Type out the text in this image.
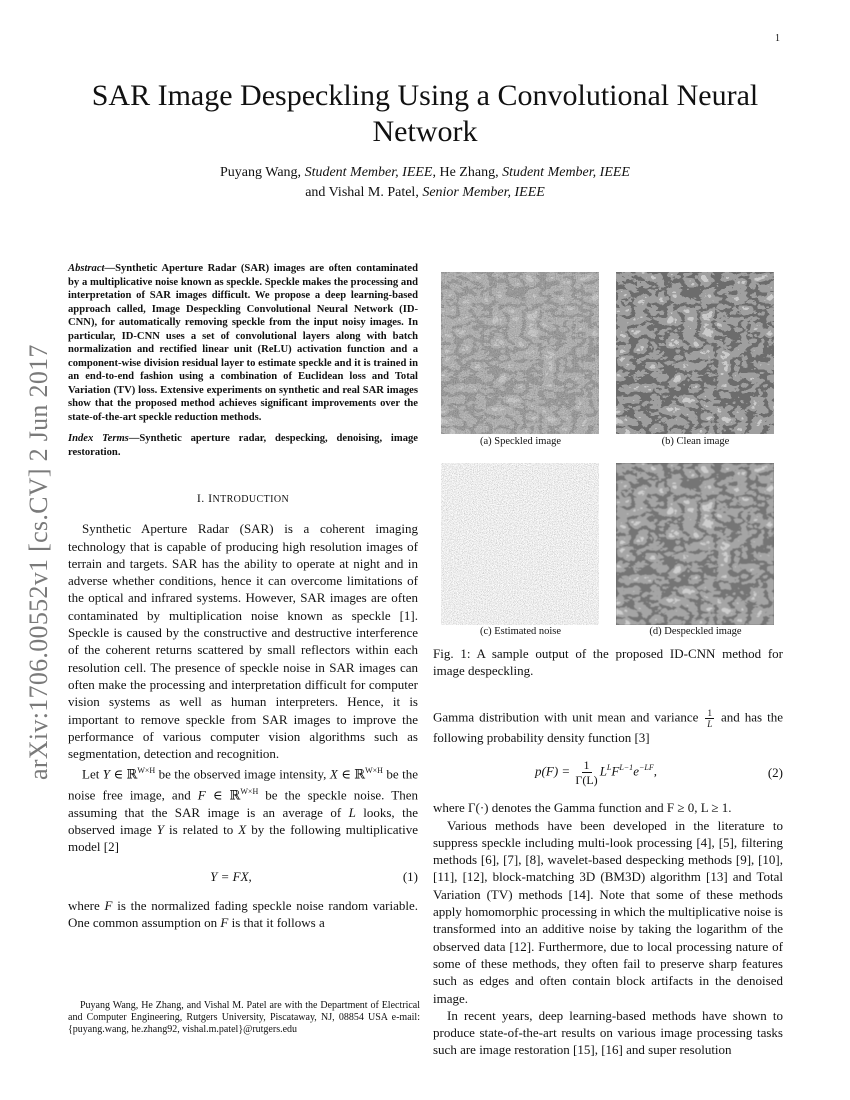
1
arXiv:1706.00552v1 [cs.CV] 2 Jun 2017
SAR Image Despeckling Using a Convolutional Neural Network
Puyang Wang, Student Member, IEEE, He Zhang, Student Member, IEEE
and Vishal M. Patel, Senior Member, IEEE

Abstract—Synthetic Aperture Radar (SAR) images are often contaminated by a multiplicative noise known as speckle. Speckle makes the processing and interpretation of SAR images difficult. We propose a deep learning-based approach called, Image Despeckling Convolutional Neural Network (ID-CNN), for automatically removing speckle from the input noisy images. In particular, ID-CNN uses a set of convolutional layers along with batch normalization and rectified linear unit (ReLU) activation function and a component-wise division residual layer to estimate speckle and it is trained in an end-to-end fashion using a combination of Euclidean loss and Total Variation (TV) loss. Extensive experiments on synthetic and real SAR images show that the proposed method achieves significant improvements over the state-of-the-art speckle reduction methods.

Index Terms—Synthetic aperture radar, despecking, denoising, image restoration.

I. INTRODUCTION

Synthetic Aperture Radar (SAR) is a coherent imaging technology that is capable of producing high resolution images of terrain and targets. SAR has the ability to operate at night and in adverse whether conditions, hence it can overcome limitations of the optical and infrared systems. However, SAR images are often contaminated by multiplication noise known as speckle [1]. Speckle is caused by the constructive and destructive interference of the coherent returns scattered by small reflectors within each resolution cell. The presence of speckle noise in SAR images can often make the processing and interpretation difficult for computer vision systems as well as human interpreters. Hence, it is important to remove speckle from SAR images to improve the performance of various computer vision algorithms such as segmentation, detection and recognition.

Let Y ∈ ℝ$^{W\times H}$ be the observed image intensity, X ∈ ℝ$^{W\times H}$ be the noise free image, and F ∈ ℝ$^{W\times H}$ be the speckle noise. Then assuming that the SAR image is an average of L looks, the observed image Y is related to X by the following multiplicative model [2]

Y = FX,	(1)

where F is the normalized fading speckle noise random variable. One common assumption on F is that it follows a

Puyang Wang, He Zhang, and Vishal M. Patel are with the Department of Electrical and Computer Engineering, Rutgers University, Piscataway, NJ, 08854 USA e-mail:{puyang.wang, he.zhang92, vishal.m.patel}@rutgers.edu

(a) Speckled image	(b) Clean image
(c) Estimated noise	(d) Despeckled image
Fig. 1: A sample output of the proposed ID-CNN method for image despeckling.

Gamma distribution with unit mean and variance $\frac{1}{L}$ and has the following probability density function [3]

$p(F) = \frac{1}{\Gamma(L)} L^LF^{L-1}e^{-LF}$,	(2)

where Γ(·) denotes the Gamma function and F ≥ 0, L ≥ 1.

Various methods have been developed in the literature to suppress speckle including multi-look processing [4], [5], filtering methods [6], [7], [8], wavelet-based despecking methods [9], [10], [11], [12], block-matching 3D (BM3D) algorithm [13] and Total Variation (TV) methods [14]. Note that some of these methods apply homomorphic processing in which the multiplicative noise is transformed into an additive noise by taking the logarithm of the observed data [12]. Furthermore, due to local processing nature of some of these methods, they often fail to preserve sharp features such as edges and often contain block artifacts in the denoised image.

In recent years, deep learning-based methods have shown to produce state-of-the-art results on various image processing tasks such are image restoration [15], [16] and super resolution
